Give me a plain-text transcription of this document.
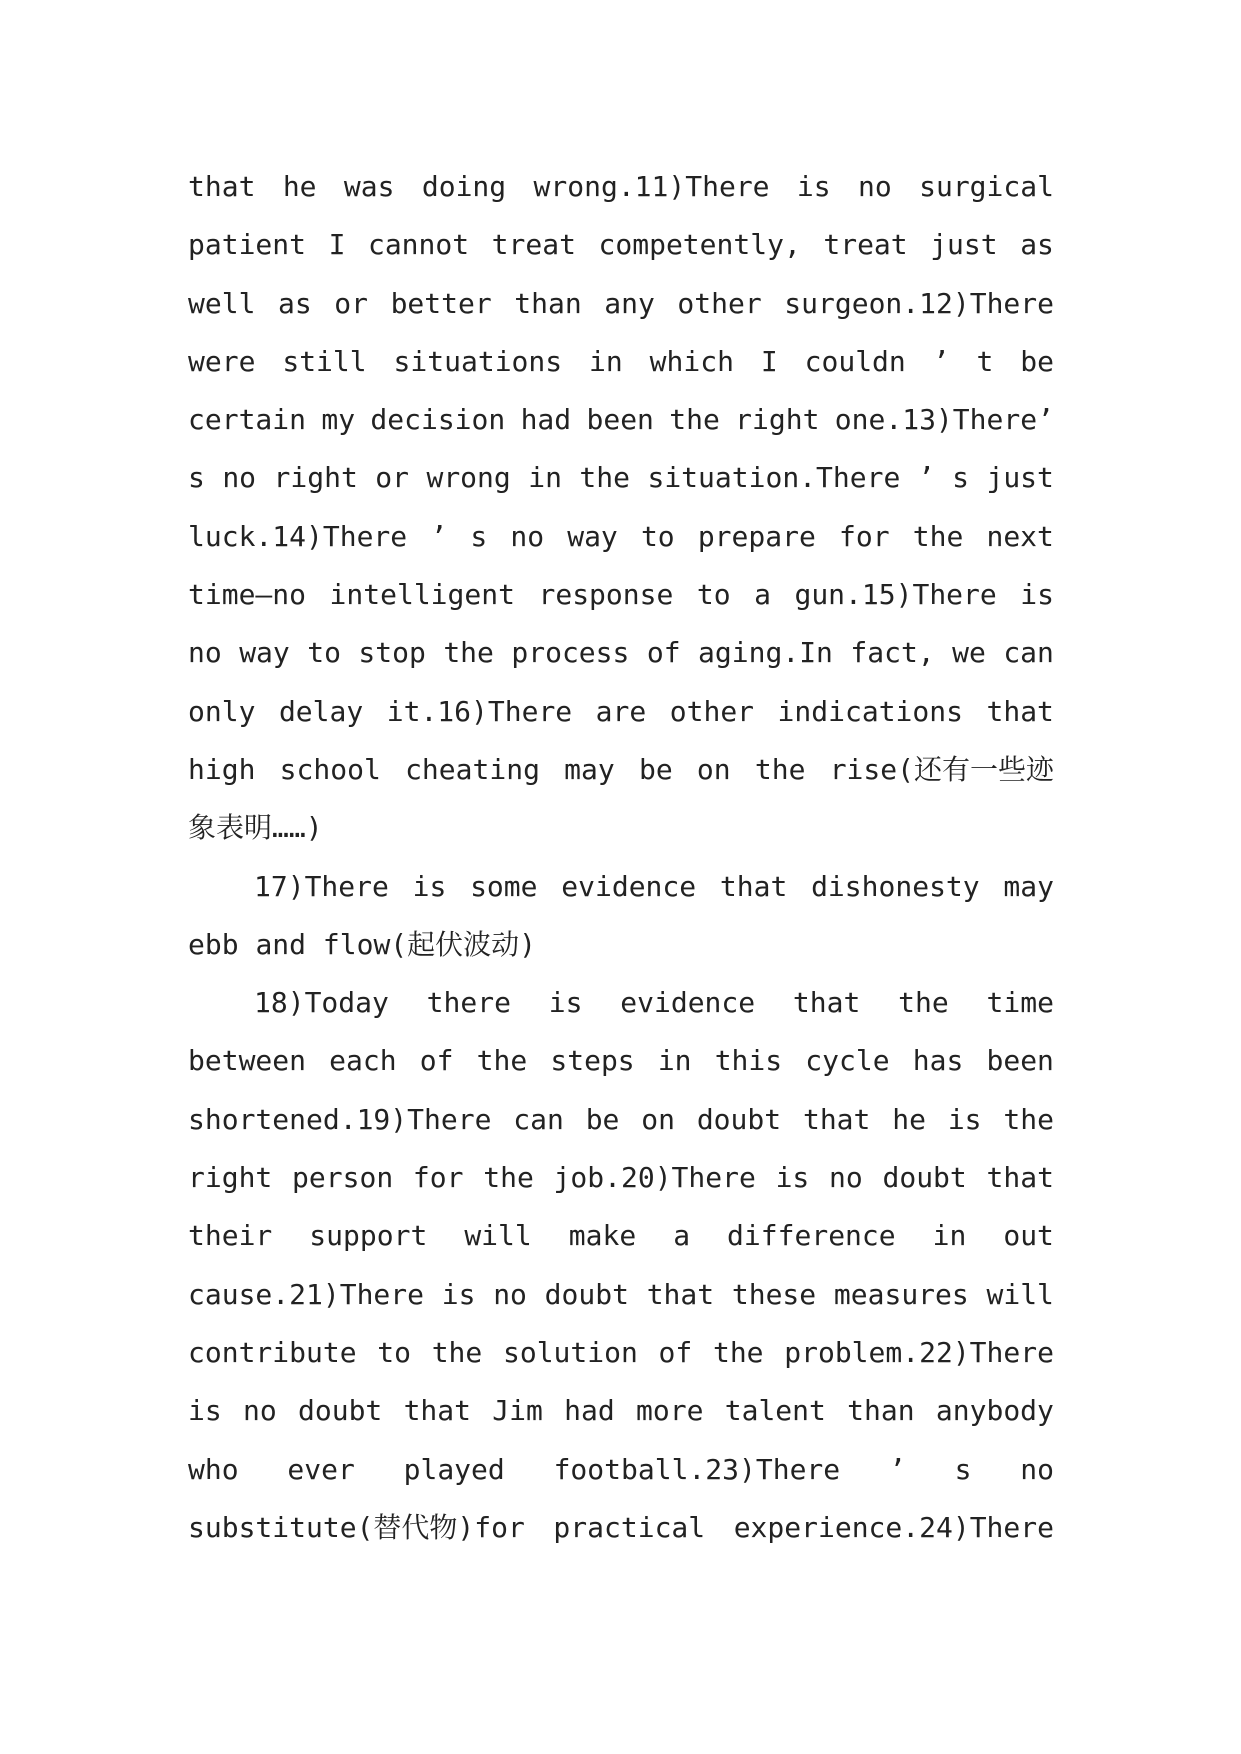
that he was doing wrong.11)There is no surgical
patient I cannot treat competently, treat just as
well as or better than any other surgeon.12)There
were still situations in which I couldn ’ t be
certain my decision had been the right one.13)There’
s no right or wrong in the situation.There ’ s just
luck.14)There ’ s no way to prepare for the next
time—no intelligent response to a gun.15)There is
no way to stop the process of aging.In fact, we can
only delay it.16)There are other indications that
high school cheating may be on the rise(还有一些迹
象表明……)
17)There is some evidence that dishonesty may
ebb
and
flow(起伏波动)
18)Today there is evidence that the time
between each of the steps in this cycle has been
shortened.19)There can be on doubt that he is the
right person for the job.20)There is no doubt that
their support will make a difference in out
cause.21)There is no doubt that these measures will
contribute to the solution of the problem.22)There
is no doubt that Jim had more talent than anybody
who ever played football.23)There ’ s no
substitute(替代物)for practical experience.24)There
